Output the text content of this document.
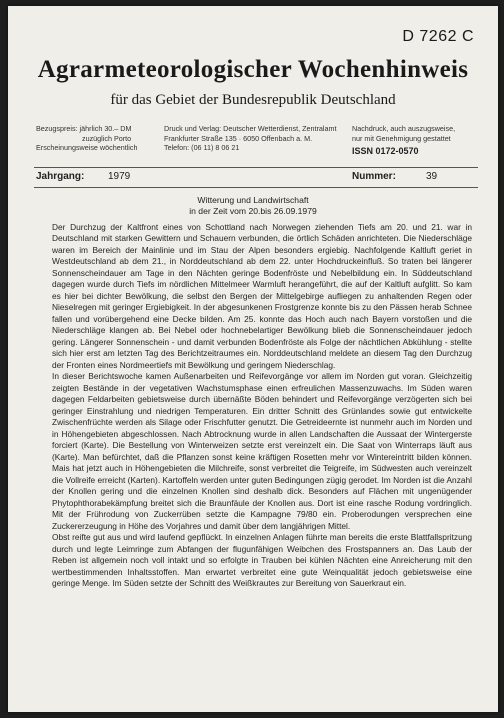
D 7262 C
Agrarmeteorologischer Wochenhinweis
für das Gebiet der Bundesrepublik Deutschland
Bezugspreis: jährlich 30.– DM
zuzüglich Porto
Erscheinungsweise wöchentlich
Druck und Verlag: Deutscher Wetterdienst, Zentralamt
Frankfurter Straße 135 · 6050 Offenbach a. M.
Telefon: (06 11) 8 06 21
Nachdruck, auch auszugsweise,
nur mit Genehmigung gestattet
ISSN 0172-0570
Jahrgang: 1979	Nummer:	39
Witterung und Landwirtschaft
in der Zeit vom 20.bis 26.09.1979

Der Durchzug der Kaltfront eines von Schottland nach Norwegen ziehenden Tiefs am 20. und 21. war in Deutschland mit starken Gewittern und Schauern verbunden, die örtlich Schäden anrichteten. Die Niederschläge waren im Bereich der Mainlinie und im Stau der Alpen besonders ergiebig. Nachfolgende Kaltluft geriet in Westdeutschland ab dem 21., in Norddeutschland ab dem 22. unter Hochdruckeinfluß. So traten bei längerer Sonnenscheindauer am Tage in den Nächten geringe Bodenfröste und Nebelbildung ein. In Süddeutschland dagegen wurde durch Tiefs im nördlichen Mittelmeer Warmluft herangeführt, die auf der Kaltluft aufglitt. So kam es hier bei dichter Bewölkung, die selbst den Bergen der Mittelgebirge aufliegen zu anhaltenden Regen oder Nieselregen mit geringer Ergiebigkeit. In der abgesunkenen Frostgrenze konnte bis zu den Pässen herab Schnee fallen und vorübergehend eine Decke bilden. Am 25. konnte das Hoch auch nach Bayern vorstoßen und die Niederschläge klangen ab. Bei Nebel oder hochnebelartiger Bewölkung blieb die Sonnenscheindauer jedoch gering. Längerer Sonnenschein - und damit verbunden Bodenfröste als Folge der nächtlichen Abkühlung - stellte sich hier erst am letzten Tag des Berichtzeitraumes ein. Norddeutschland meldete an diesem Tag den Durchzug der Fronten eines Nordmeertiefs mit Bewölkung und geringem Niederschlag.

In dieser Berichtswoche kamen Außenarbeiten und Reifevorgänge vor allem im Norden gut voran. Gleichzeitig zeigten Bestände in der vegetativen Wachstumsphase einen erfreulichen Massenzuwachs. Im Süden waren dagegen Feldarbeiten gebietsweise durch übernäßte Böden behindert und Reifevorgänge verzögerten sich bei geringer Einstrahlung und niedrigen Temperaturen. Ein dritter Schnitt des Grünlandes sowie gut entwickelte Zwischenfrüchte werden als Silage oder Frischfutter genutzt. Die Getreideernte ist nunmehr auch im Norden und in Höhengebieten abgeschlossen. Nach Abtrocknung wurde in allen Landschaften die Aussaat der Wintergerste forciert (Karte). Die Bestellung von Winterweizen setzte erst vereinzelt ein. Die Saat von Winterraps läuft aus (Karte). Man befürchtet, daß die Pflanzen sonst keine kräftigen Rosetten mehr vor Wintereintritt bilden können. Mais hat jetzt auch in Höhengebieten die Milchreife, sonst verbreitet die Teigreife, im Südwesten auch vereinzelt die Vollreife erreicht (Karten). Kartoffeln werden unter guten Bedingungen zügig gerodet. Im Norden ist die Anzahl der Knollen gering und die einzelnen Knollen sind deshalb dick. Besonders auf Flächen mit ungenügender Phytophthorabekämpfung breitet sich die Braunfäule der Knollen aus. Dort ist eine rasche Rodung vordringlich. Mit der Frührodung von Zuckerrüben setzte die Kampagne 79/80 ein. Proberodungen versprechen eine Zuckererzeugung in Höhe des Vorjahres und damit über dem langjährigen Mittel.

Obst reifte gut aus und wird laufend gepflückt. In einzelnen Anlagen führte man bereits die erste Blattfallspritzung durch und legte Leimringe zum Abfangen der flugunfähigen Weibchen des Frostspanners an. Das Laub der Reben ist allgemein noch voll intakt und so erfolgte in Trauben bei kühlen Nächten eine Anreicherung mit den wertbestimmenden Inhaltsstoffen. Man erwartet verbreitet eine gute Weinqualität jedoch gebietsweise eine geringe Menge. Im Süden setzte der Schnitt des Weißkrautes zur Bereitung von Sauerkraut ein.
